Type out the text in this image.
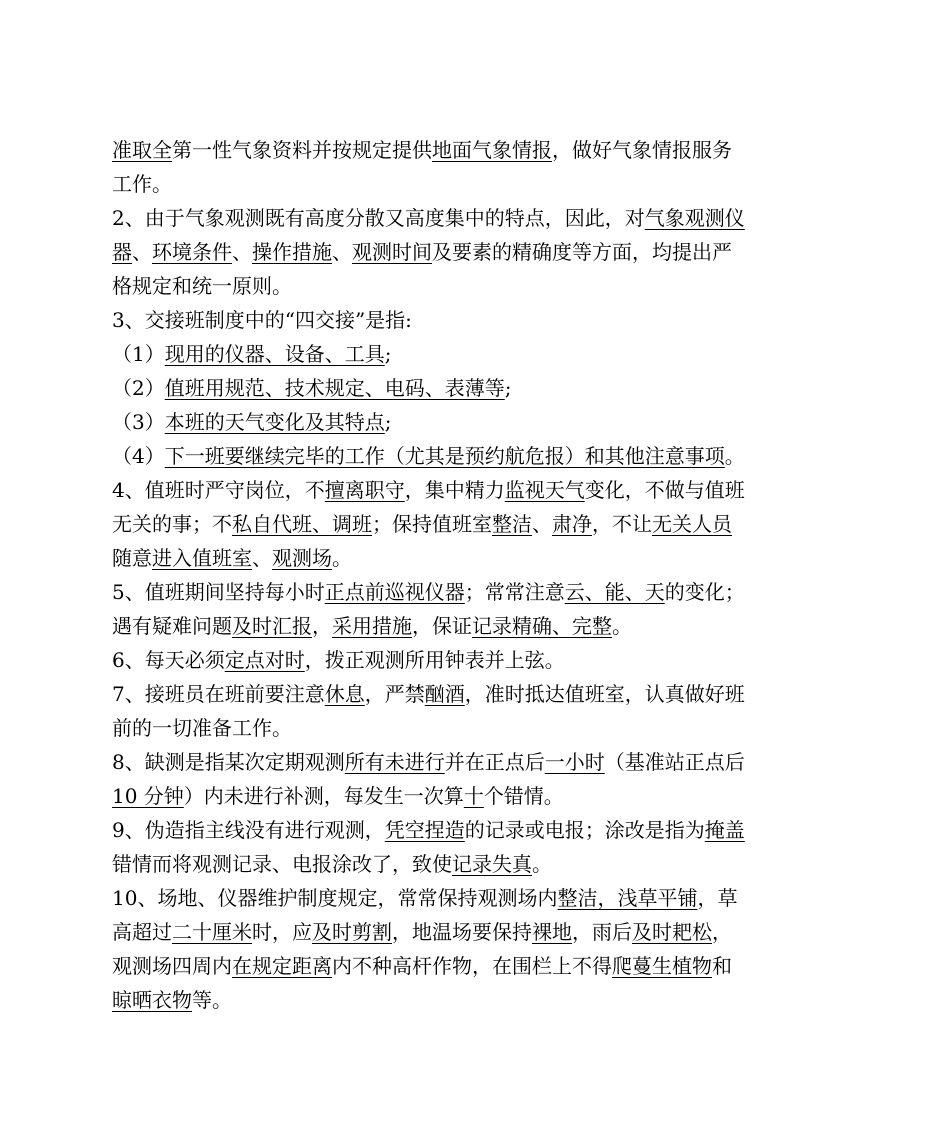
准取全第一性气象资料并按规定提供地面气象情报，做好气象情报服务
工作。
2、由于气象观测既有高度分散又高度集中的特点，因此，对气象观测仪
器、环境条件、操作措施、观测时间及要素的精确度等方面，均提出严
格规定和统一原则。
3、交接班制度中的“四交接”是指:
（1）现用的仪器、设备、工具;
（2）值班用规范、技术规定、电码、表薄等;
（3）本班的天气变化及其特点;
（4）下一班要继续完毕的工作（尤其是预约航危报）和其他注意事项。
4、值班时严守岗位，不擅离职守，集中精力监视天气变化，不做与值班
无关的事；不私自代班、调班；保持值班室整洁、肃净，不让无关人员
随意进入值班室、观测场。
5、值班期间坚持每小时正点前巡视仪器；常常注意云、能、天的变化；
遇有疑难问题及时汇报，采用措施，保证记录精确、完整。
6、每天必须定点对时，拨正观测所用钟表并上弦。
7、接班员在班前要注意休息，严禁酗酒，准时抵达值班室，认真做好班
前的一切准备工作。
8、缺测是指某次定期观测所有未进行并在正点后一小时（基准站正点后
10 分钟）内未进行补测，每发生一次算十个错情。
9、伪造指主线没有进行观测，凭空捏造的记录或电报；涂改是指为掩盖
错情而将观测记录、电报涂改了，致使记录失真。
10、场地、仪器维护制度规定，常常保持观测场内整洁，浅草平铺，草
高超过二十厘米时，应及时剪割，地温场要保持裸地，雨后及时耙松，
观测场四周内在规定距离内不种高杆作物，在围栏上不得爬蔓生植物和
晾晒衣物等。
